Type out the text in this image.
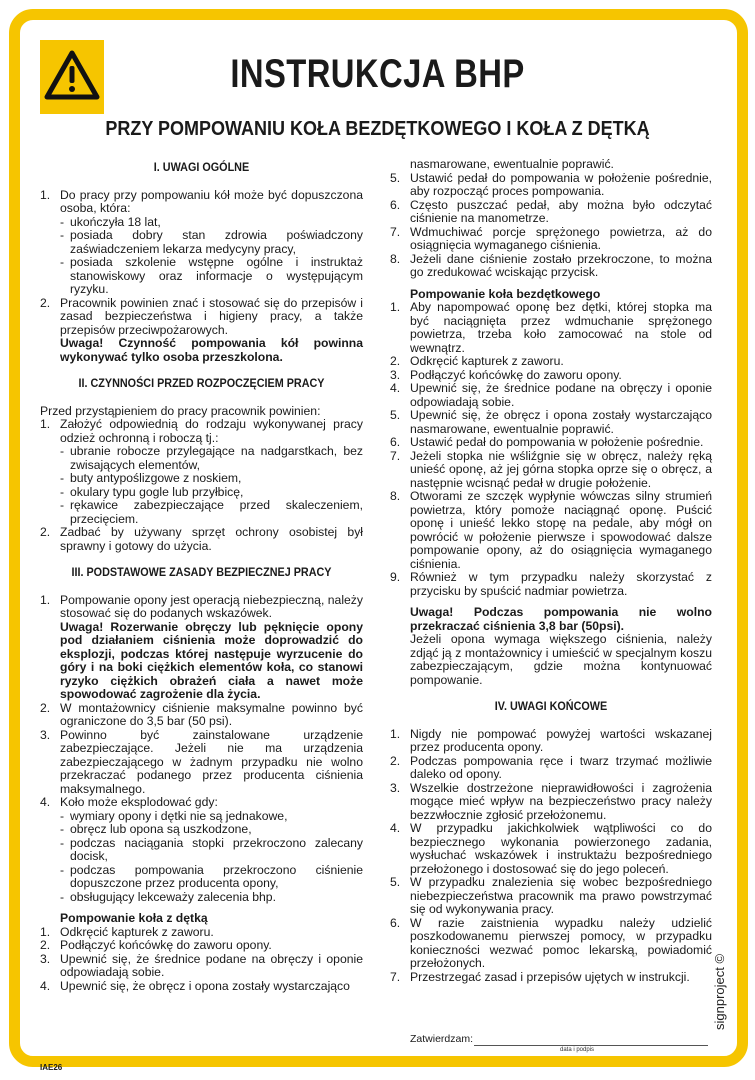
INSTRUKCJA BHP
PRZY POMPOWANIU KOŁA BEZDĘTKOWEGO I KOŁA Z DĘTKĄ
I. UWAGI OGÓLNE
1. Do pracy przy pompowaniu kół może być dopuszczona osoba, która:
- ukończyła 18 lat,
- posiada dobry stan zdrowia poświadczony zaświadczeniem lekarza medycyny pracy,
- posiada szkolenie wstępne ogólne i instruktaż stanowiskowy oraz informacje o występującym ryzyku.
2. Pracownik powinien znać i stosować się do przepisów i zasad bezpieczeństwa i higieny pracy, a także przepisów przeciwpożarowych.
Uwaga! Czynność pompowania kół powinna wykonywać tylko osoba przeszkolona.
II. CZYNNOŚCI PRZED ROZPOCZĘCIEM PRACY
Przed przystąpieniem do pracy pracownik powinien:
1. Założyć odpowiednią do rodzaju wykonywanej pracy odzież ochronną i roboczą tj.:
- ubranie robocze przylegające na nadgarstkach, bez zwisających elementów,
- buty antypoślizgowe z noskiem,
- okulary typu gogle lub przyłbicę,
- rękawice zabezpieczające przed skaleczeniem, przecięciem.
2. Zadbać by używany sprzęt ochrony osobistej był sprawny i gotowy do użycia.
III. PODSTAWOWE ZASADY BEZPIECZNEJ PRACY
1. Pompowanie opony jest operacją niebezpieczną, należy stosować się do podanych wskazówek.
Uwaga! Rozerwanie obręczy lub pęknięcie opony pod działaniem ciśnienia może doprowadzić do eksplozji, podczas której następuje wyrzucenie do góry i na boki ciężkich elementów koła, co stanowi ryzyko ciężkich obrażeń ciała a nawet może spowodować zagrożenie dla życia.
2. W montażownicy ciśnienie maksymalne powinno być ograniczone do 3,5 bar (50 psi).
3. Powinno być zainstalowane urządzenie zabezpieczające. Jeżeli nie ma urządzenia zabezpieczającego w żadnym przypadku nie wolno przekraczać podanego przez producenta ciśnienia maksymalnego.
4. Koło może eksplodować gdy:
- wymiary opony i dętki nie są jednakowe,
- obręcz lub opona są uszkodzone,
- podczas naciągania stopki przekroczono zalecany docisk,
- podczas pompowania przekroczono ciśnienie dopuszczone przez producenta opony,
- obsługujący lekceważy zalecenia bhp.
Pompowanie koła z dętką
1. Odkręcić kapturek z zaworu.
2. Podłączyć końcówkę do zaworu opony.
3. Upewnić się, że średnice podane na obręczy i oponie odpowiadają sobie.
4. Upewnić się, że obręcz i opona zostały wystarczająco
nasmarowane, ewentualnie poprawić.
5. Ustawić pedał do pompowania w położenie pośrednie, aby rozpocząć proces pompowania.
6. Często puszczać pedał, aby można było odczytać ciśnienie na manometrze.
7. Wdmuchiwać porcje sprężonego powietrza, aż do osiągnięcia wymaganego ciśnienia.
8. Jeżeli dane ciśnienie zostało przekroczone, to można go zredukować wciskając przycisk.
Pompowanie koła bezdętkowego
1. Aby napompować oponę bez dętki, której stopka ma być naciągnięta przez wdmuchanie sprężonego powietrza, trzeba koło zamocować na stole od wewnątrz.
2. Odkręcić kapturek z zaworu.
3. Podłączyć końcówkę do zaworu opony.
4. Upewnić się, że średnice podane na obręczy i oponie odpowiadają sobie.
5. Upewnić się, że obręcz i opona zostały wystarczająco nasmarowane, ewentualnie poprawić.
6. Ustawić pedał do pompowania w położenie pośrednie.
7. Jeżeli stopka nie wśliźgnie się w obręcz, należy ręką unieść oponę, aż jej górna stopka oprze się o obręcz, a następnie wcisnąć pedał w drugie położenie.
8. Otworami ze szczęk wypłynie wówczas silny strumień powietrza, który pomoże naciągnąć oponę. Puścić oponę i unieść lekko stopę na pedale, aby mógł on powrócić w położenie pierwsze i spowodować dalsze pompowanie opony, aż do osiągnięcia wymaganego ciśnienia.
9. Również w tym przypadku należy skorzystać z przycisku by spuścić nadmiar powietrza.
Uwaga! Podczas pompowania nie wolno przekraczać ciśnienia 3,8 bar (50psi).
Jeżeli opona wymaga większego ciśnienia, należy zdjąć ją z montażownicy i umieścić w specjalnym koszu zabezpieczającym, gdzie można kontynuować pompowanie.
IV. UWAGI KOŃCOWE
1. Nigdy nie pompować powyżej wartości wskazanej przez producenta opony.
2. Podczas pompowania ręce i twarz trzymać możliwie daleko od opony.
3. Wszelkie dostrzeżone nieprawidłowości i zagrożenia mogące mieć wpływ na bezpieczeństwo pracy należy bezzwłocznie zgłosić przełożonemu.
4. W przypadku jakichkolwiek wątpliwości co do bezpiecznego wykonania powierzonego zadania, wysłuchać wskazówek i instruktażu bezpośredniego przełożonego i dostosować się do jego poleceń.
5. W przypadku znalezienia się wobec bezpośredniego niebezpieczeństwa pracownik ma prawo powstrzymać się od wykonywania pracy.
6. W razie zaistnienia wypadku należy udzielić poszkodowanemu pierwszej pomocy, w przypadku konieczności wezwać pomoc lekarską, powiadomić przełożonych.
7. Przestrzegać zasad i przepisów ujętych w instrukcji.
Zatwierdzam:
data i podpis
signproject ©
IAE26
